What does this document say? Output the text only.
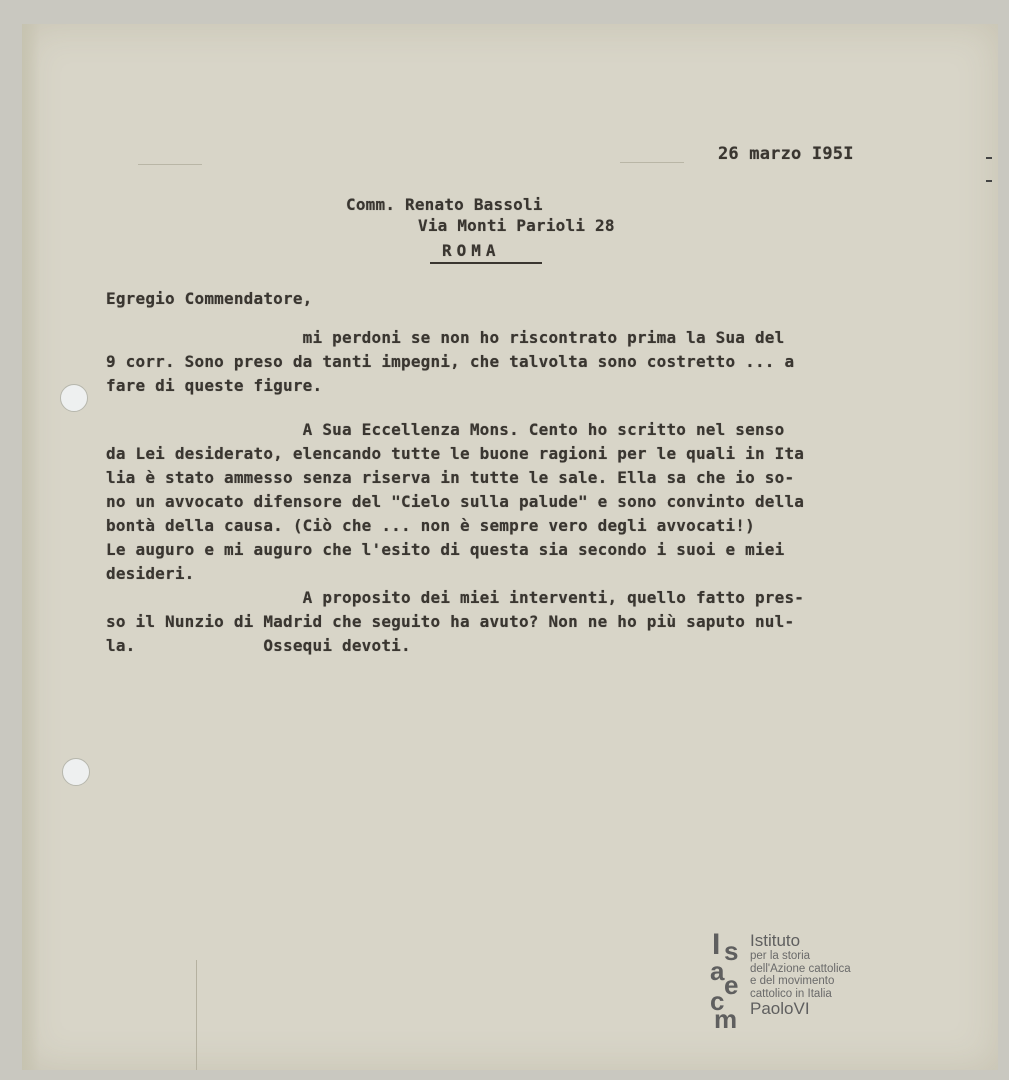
26 marzo I95I
Comm. Renato Bassoli
Via Monti Parioli 28
ROMA
Egregio Commendatore,
mi perdoni se non ho riscontrato prima la Sua del
9 corr. Sono preso da tanti impegni, che talvolta sono costretto ... a
fare di queste figure.
A Sua Eccellenza Mons. Cento ho scritto nel senso
da Lei desiderato, elencando tutte le buone ragioni per le quali in Ita
lia è stato ammesso senza riserva in tutte le sale. Ella sa che io so-
no un avvocato difensore del "Cielo sulla palude" e sono convinto della
bontà della causa. (Ciò che ... non è sempre vero degli avvocati!)
Le auguro e mi auguro che l'esito di questa sia secondo i suoi e miei
desideri.
A proposito dei miei interventi, quello fatto pres-
so il Nunzio di Madrid che seguito ha avuto? Non ne ho più saputo nul-
la.             Ossequi devoti.
I s
a e
c
m
Istituto
per la storia
dell'Azione cattolica
e del movimento
cattolico in Italia
PaoloVI
